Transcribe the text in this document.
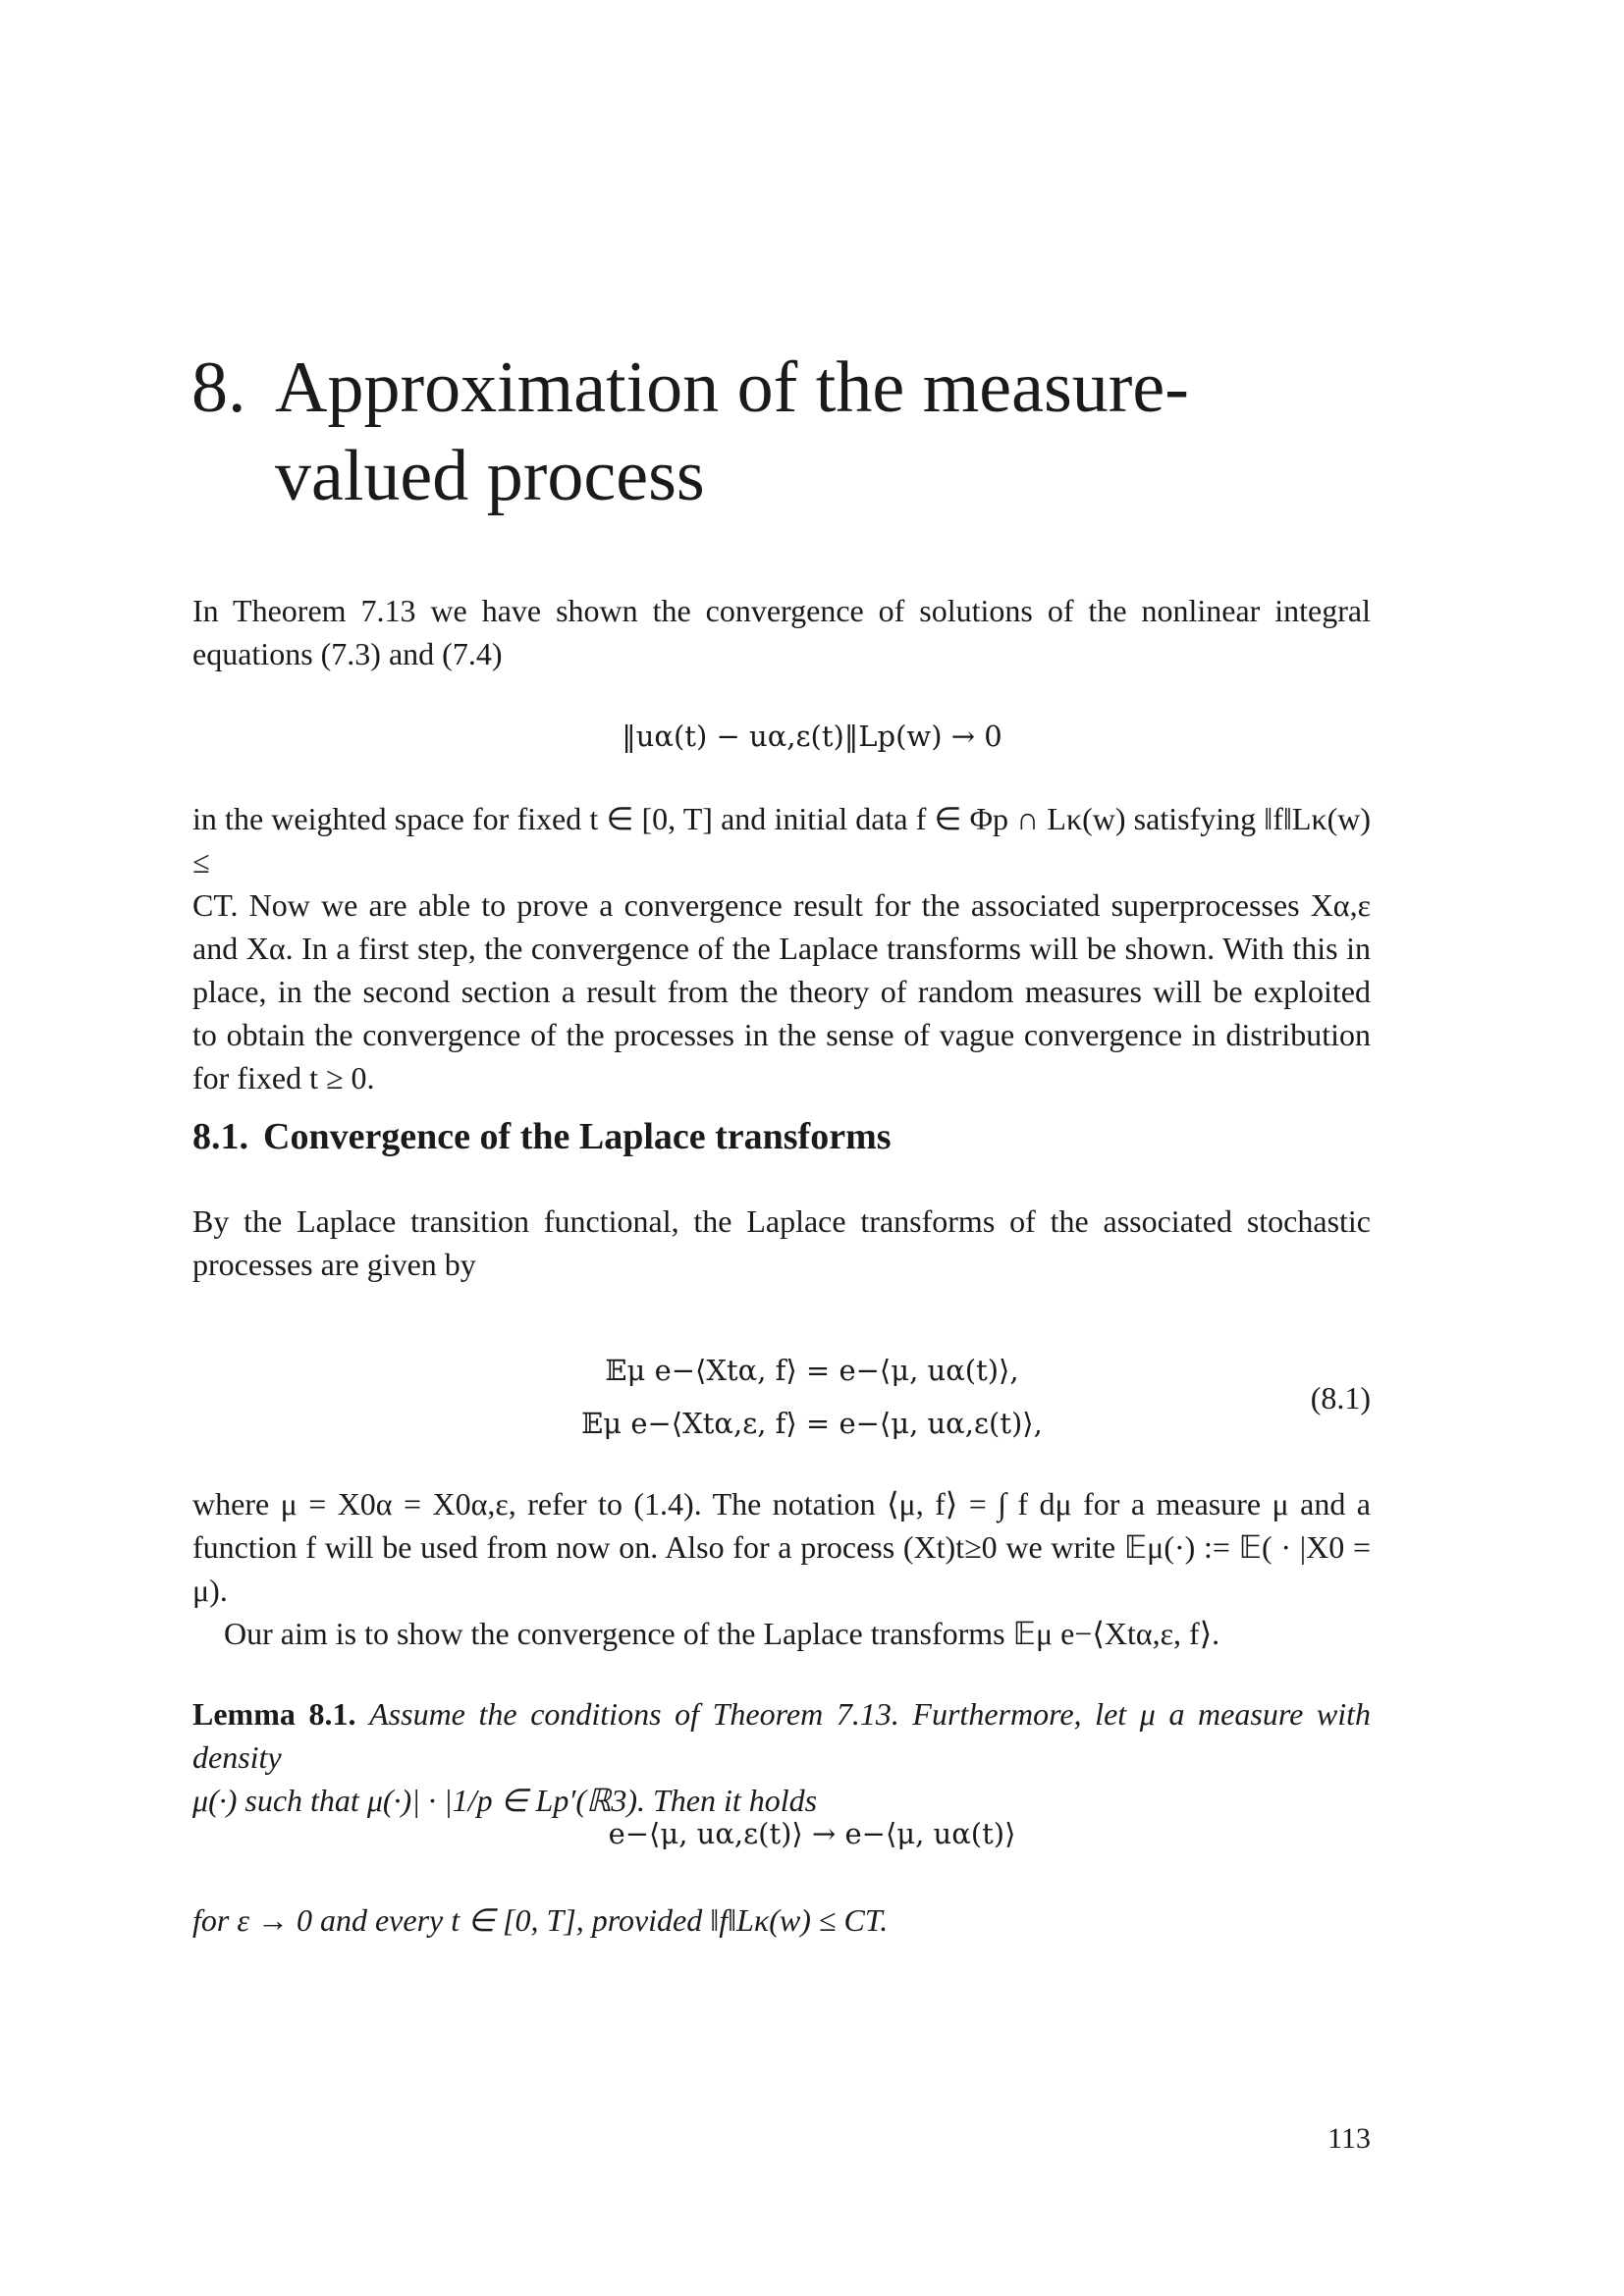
8. Approximation of the measure-valued process
In Theorem 7.13 we have shown the convergence of solutions of the nonlinear integral
equations (7.3) and (7.4)
‖uα(t) − uα,ε(t)‖Lp(w) → 0
in the weighted space for fixed t ∈ [0, T] and initial data f ∈ Φp ∩ Lκ(w) satisfying ‖f‖Lκ(w) ≤
CT. Now we are able to prove a convergence result for the associated superprocesses Xα,ε
and Xα. In a first step, the convergence of the Laplace transforms will be shown. With this in
place, in the second section a result from the theory of random measures will be exploited
to obtain the convergence of the processes in the sense of vague convergence in distribution
for fixed t ≥ 0.
8.1. Convergence of the Laplace transforms
By the Laplace transition functional, the Laplace transforms of the associated stochastic
processes are given by
𝔼μ e−⟨Xtα, f⟩ = e−⟨μ, uα(t)⟩,
𝔼μ e−⟨Xtα,ε, f⟩ = e−⟨μ, uα,ε(t)⟩,
(8.1)
where μ = X0α = X0α,ε, refer to (1.4). The notation ⟨μ, f⟩ = ∫ f dμ for a measure μ and a
function f will be used from now on. Also for a process (Xt)t≥0 we write 𝔼μ(·) := 𝔼( · |X0 =
μ).
Our aim is to show the convergence of the Laplace transforms 𝔼μ e−⟨Xtα,ε, f⟩.
Lemma 8.1. Assume the conditions of Theorem 7.13. Furthermore, let μ a measure with density
μ(·) such that μ(·)| · |1/p ∈ Lp′(ℝ3). Then it holds
e−⟨μ, uα,ε(t)⟩ → e−⟨μ, uα(t)⟩
for ε → 0 and every t ∈ [0, T], provided ‖f‖Lκ(w) ≤ CT.
113
